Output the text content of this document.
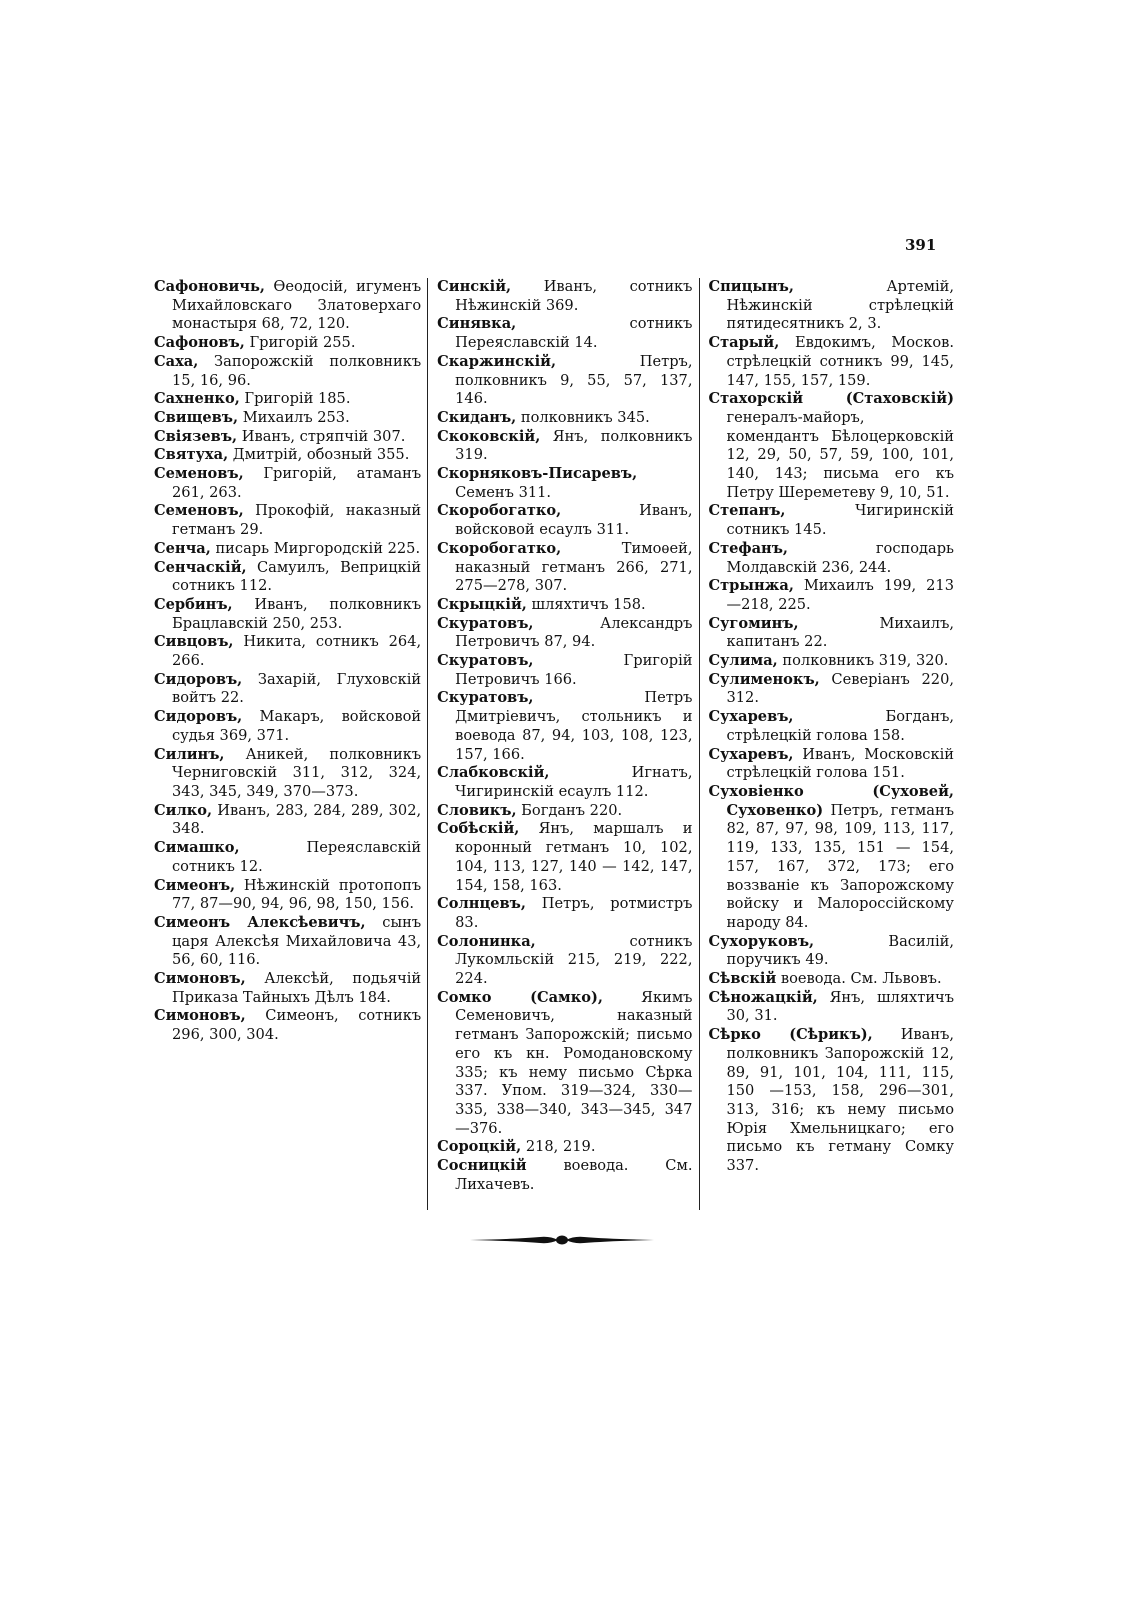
391
Сафоновичь, Ѳеодосій, игуменъ Михайловскаго Златоверхаго монастыря 68, 72, 120.
Сафоновъ, Григорій 255.
Саха, Запорожскій полковникъ 15, 16, 96.
Сахненко, Григорій 185.
Свищевъ, Михаилъ 253.
Свіязевъ, Иванъ, стряпчій 307.
Святуха, Дмитрій, обозный 355.
Семеновъ, Григорій, атаманъ 261, 263.
Семеновъ, Прокофій, наказный гетманъ 29.
Сенча, писарь Миргородскій 225.
Сенчаскій, Самуилъ, Веприцкій сотникъ 112.
Сербинъ, Иванъ, полковникъ Брацлавскій 250, 253.
Сивцовъ, Никита, сотникъ 264, 266.
Сидоровъ, Захарій, Глуховскій войтъ 22.
Сидоровъ, Макаръ, войсковой судья 369, 371.
Силинъ, Аникей, полковникъ Черниговскій 311, 312, 324, 343, 345, 349, 370—373.
Силко, Иванъ, 283, 284, 289, 302, 348.
Симашко, Переяславскій сотникъ 12.
Симеонъ, Нѣжинскій протопопъ 77, 87—90, 94, 96, 98, 150, 156.
Симеонъ Алексѣевичъ, сынъ царя Алексѣя Михайловича 43, 56, 60, 116.
Симоновъ, Алексѣй, подьячій Приказа Тайныхъ Дѣлъ 184.
Симоновъ, Симеонъ, сотникъ 296, 300, 304.
Синскій, Иванъ, сотникъ Нѣжинскій 369.
Синявка, сотникъ Переяславскій 14.
Скаржинскій, Петръ, полковникъ 9, 55, 57, 137, 146.
Скиданъ, полковникъ 345.
Скоковскій, Янъ, полковникъ 319.
Скорняковъ-Писаревъ, Семенъ 311.
Скоробогатко, Иванъ, войсковой есаулъ 311.
Скоробогатко, Тимоѳей, наказный гетманъ 266, 271, 275—278, 307.
Скрыцкій, шляхтичъ 158.
Скуратовъ, Александръ Петровичъ 87, 94.
Скуратовъ, Григорій Петровичъ 166.
Скуратовъ, Петръ Дмитріевичъ, стольникъ и воевода 87, 94, 103, 108, 123, 157, 166.
Слабковскій, Игнатъ, Чигиринскій есаулъ 112.
Словикъ, Богданъ 220.
Собѣскій, Янъ, маршалъ и коронный гетманъ 10, 102, 104, 113, 127, 140 — 142, 147, 154, 158, 163.
Солнцевъ, Петръ, ротмистръ 83.
Солонинка, сотникъ Лукомльскій 215, 219, 222, 224.
Сомко (Самко), Якимъ Семеновичъ, наказный гетманъ Запорожскій; письмо его къ кн. Ромодановскому 335; къ нему письмо Сѣрка 337. Упом. 319—324, 330—335, 338—340, 343—345, 347—376.
Сороцкій, 218, 219.
Сосницкій воевода. См. Лихачевъ.
Спицынъ, Артемій, Нѣжинскій стрѣлецкій пятидесятникъ 2, 3.
Старый, Евдокимъ, Москов. стрѣлецкій сотникъ 99, 145, 147, 155, 157, 159.
Стахорскій (Стаховскій) генералъ-майоръ, комендантъ Бѣлоцерковскій 12, 29, 50, 57, 59, 100, 101, 140, 143; письма его къ Петру Шереметеву 9, 10, 51.
Степанъ, Чигиринскій сотникъ 145.
Стефанъ, господарь Молдавскій 236, 244.
Стрынжа, Михаилъ 199, 213 —218, 225.
Сугоминъ, Михаилъ, капитанъ 22.
Сулима, полковникъ 319, 320.
Сулименокъ, Северіанъ 220, 312.
Сухаревъ, Богданъ, стрѣлецкій голова 158.
Сухаревъ, Иванъ, Московскій стрѣлецкій голова 151.
Суховіенко (Суховей, Суховенко) Петръ, гетманъ 82, 87, 97, 98, 109, 113, 117, 119, 133, 135, 151 — 154, 157, 167, 372, 173; его воззваніе къ Запорожскому войску и Малороссійскому народу 84.
Сухоруковъ, Василій, поручикъ 49.
Сѣвскій воевода. См. Львовъ.
Сѣножацкій, Янъ, шляхтичъ 30, 31.
Сѣрко (Сѣрикъ), Иванъ, полковникъ Запорожскій 12, 89, 91, 101, 104, 111, 115, 150 —153, 158, 296—301, 313, 316; къ нему письмо Юрія Хмельницкаго; его письмо къ гетману Сомку 337.
